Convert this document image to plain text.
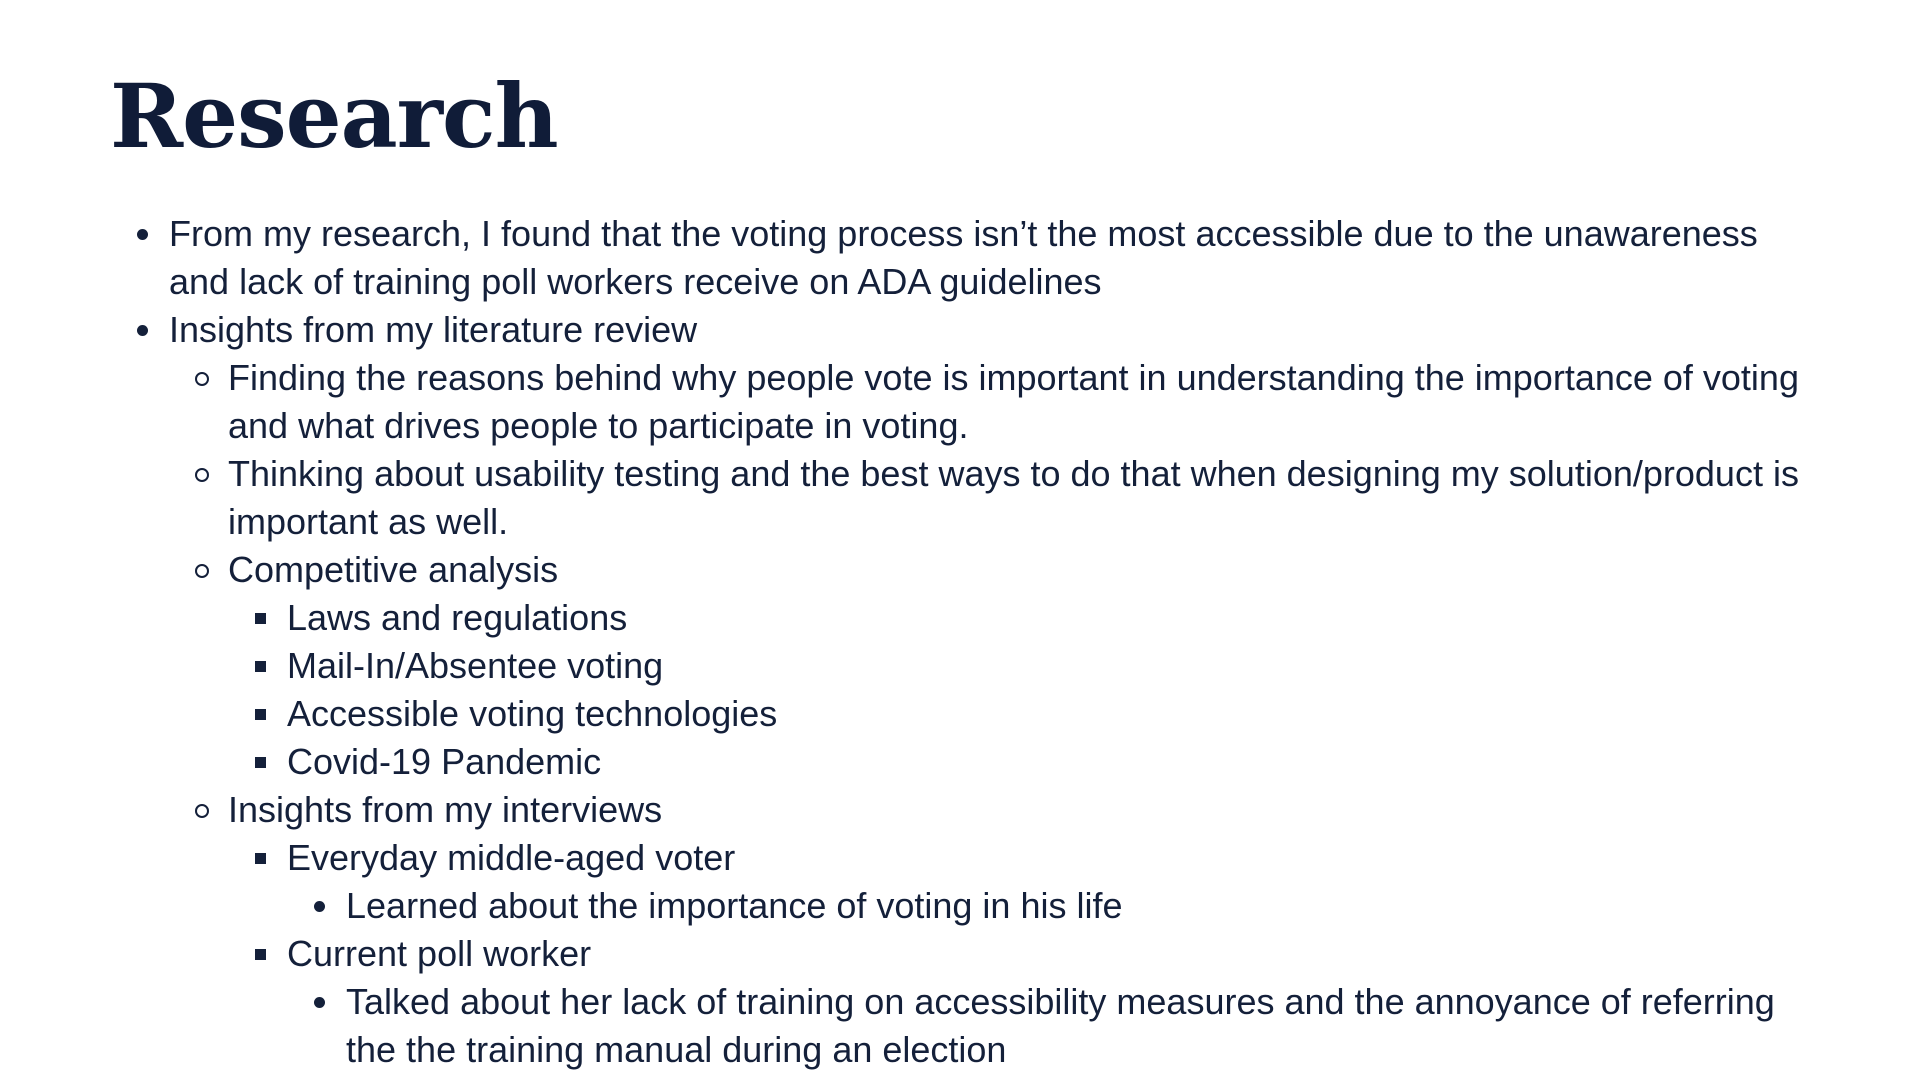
Research
From my research, I found that the voting process isn’t the most accessible due to the unawareness and lack of training poll workers receive on ADA guidelines
Insights from my literature review
Finding the reasons behind why people vote is important in understanding the importance of voting and what drives people to participate in voting.
Thinking about usability testing and the best ways to do that when designing my solution/product is important as well.
Competitive analysis
Laws and regulations
Mail-In/Absentee voting
Accessible voting technologies
Covid-19 Pandemic
Insights from my interviews
Everyday middle-aged voter
Learned about the importance of voting in his life
Current poll worker
Talked about her lack of training on accessibility measures and the annoyance of referring the the training manual during an election
